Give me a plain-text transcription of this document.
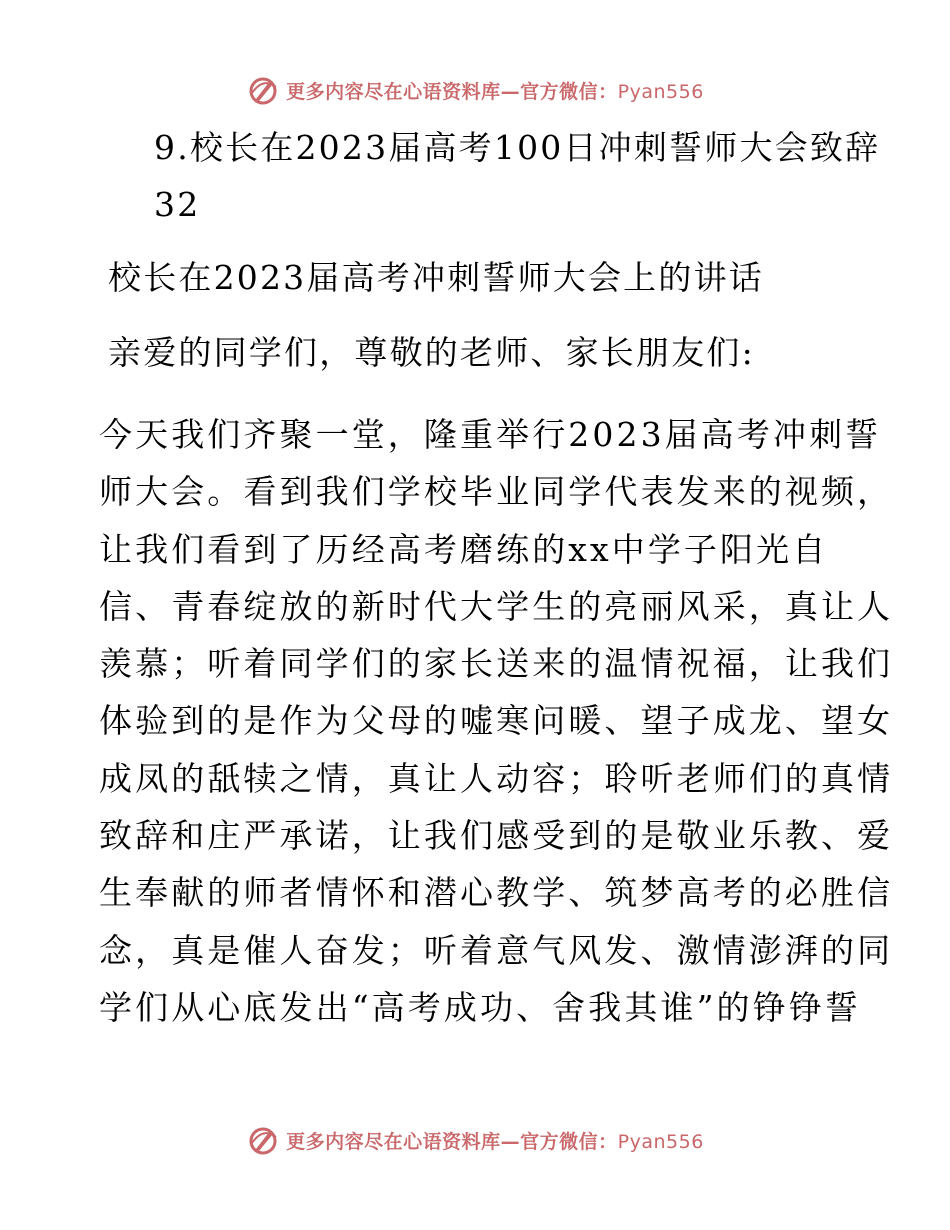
更多内容尽在心语资料库—官方微信：Pyan556
9.校长在2023届高考100日冲刺誓师大会致辞
32
校长在2023届高考冲刺誓师大会上的讲话
亲爱的同学们，尊敬的老师、家长朋友们:
今天我们齐聚一堂，隆重举行2023届高考冲刺誓
师大会。看到我们学校毕业同学代表发来的视频，
让我们看到了历经高考磨练的xx中学子阳光自
信、青春绽放的新时代大学生的亮丽风采，真让人
羡慕；听着同学们的家长送来的温情祝福，让我们
体验到的是作为父母的嘘寒问暖、望子成龙、望女
成凤的舐犊之情，真让人动容；聆听老师们的真情
致辞和庄严承诺，让我们感受到的是敬业乐教、爱
生奉献的师者情怀和潜心教学、筑梦高考的必胜信
念，真是催人奋发；听着意气风发、激情澎湃的同
学们从心底发出“高考成功、舍我其谁”的铮铮誓
更多内容尽在心语资料库—官方微信：Pyan556
